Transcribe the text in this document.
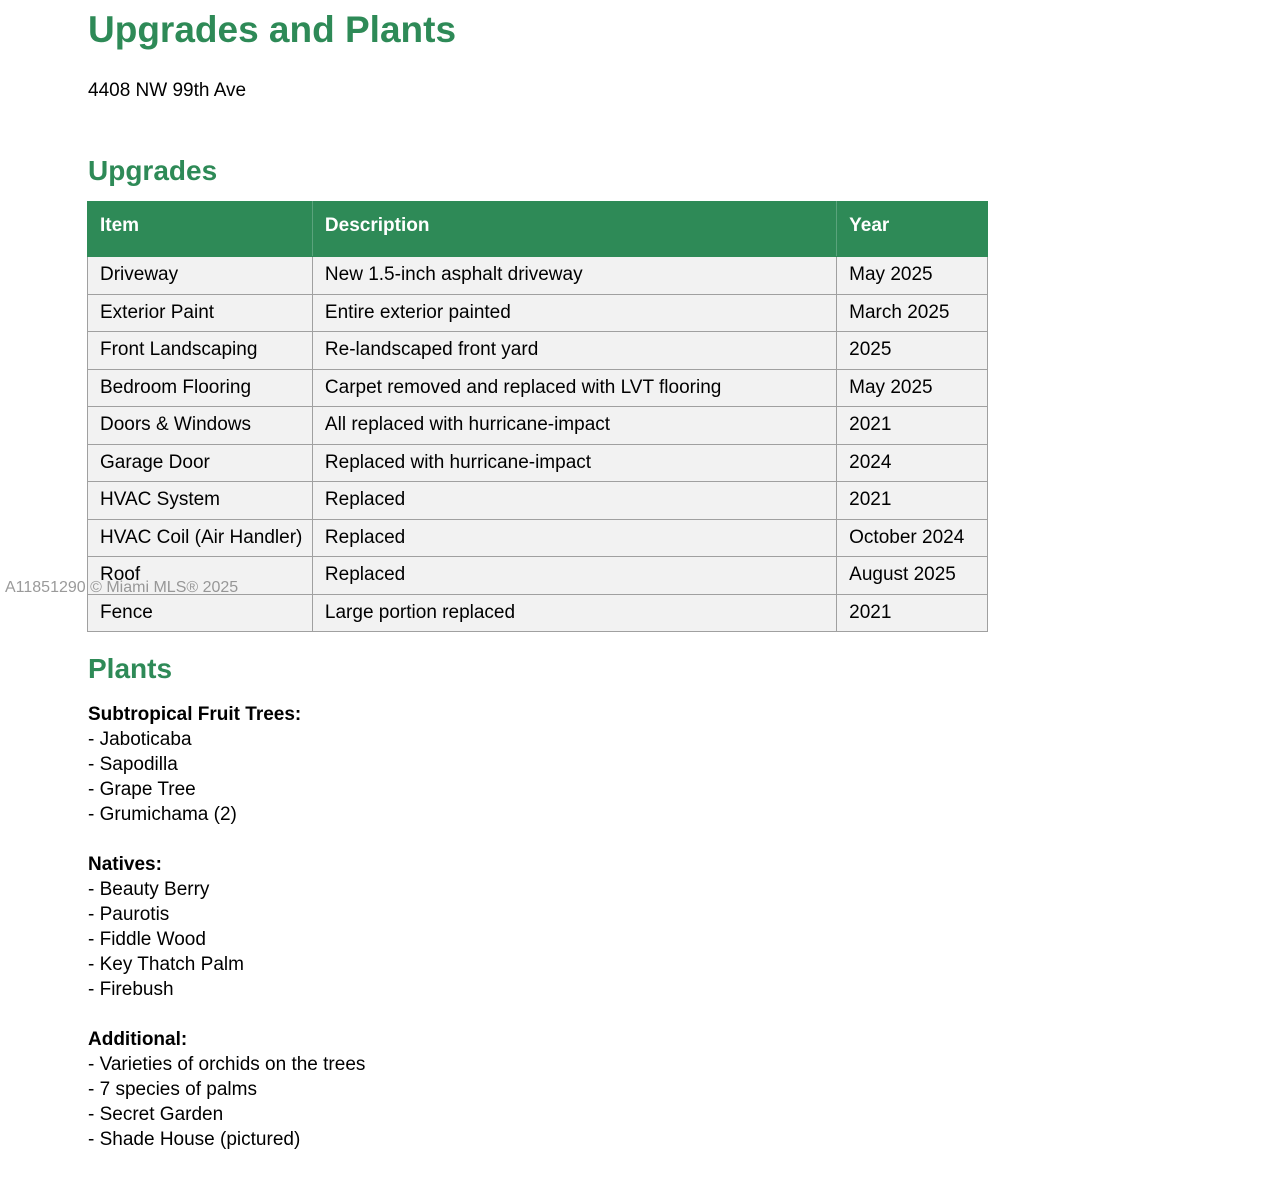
Upgrades and Plants
4408 NW 99th Ave
Upgrades
Item	Description	Year
Driveway	New 1.5-inch asphalt driveway	May 2025
Exterior Paint	Entire exterior painted	March 2025
Front Landscaping	Re-landscaped front yard	2025
Bedroom Flooring	Carpet removed and replaced with LVT flooring	May 2025
Doors & Windows	All replaced with hurricane-impact	2021
Garage Door	Replaced with hurricane-impact	2024
HVAC System	Replaced	2021
HVAC Coil (Air Handler)	Replaced	October 2024
Roof	Replaced	August 2025
Fence	Large portion replaced	2021
Plants
Subtropical Fruit Trees:
- Jaboticaba
- Sapodilla
- Grape Tree
- Grumichama (2)
Natives:
- Beauty Berry
- Paurotis
- Fiddle Wood
- Key Thatch Palm
- Firebush
Additional:
- Varieties of orchids on the trees
- 7 species of palms
- Secret Garden
- Shade House (pictured)
A11851290 © Miami MLS® 2025
